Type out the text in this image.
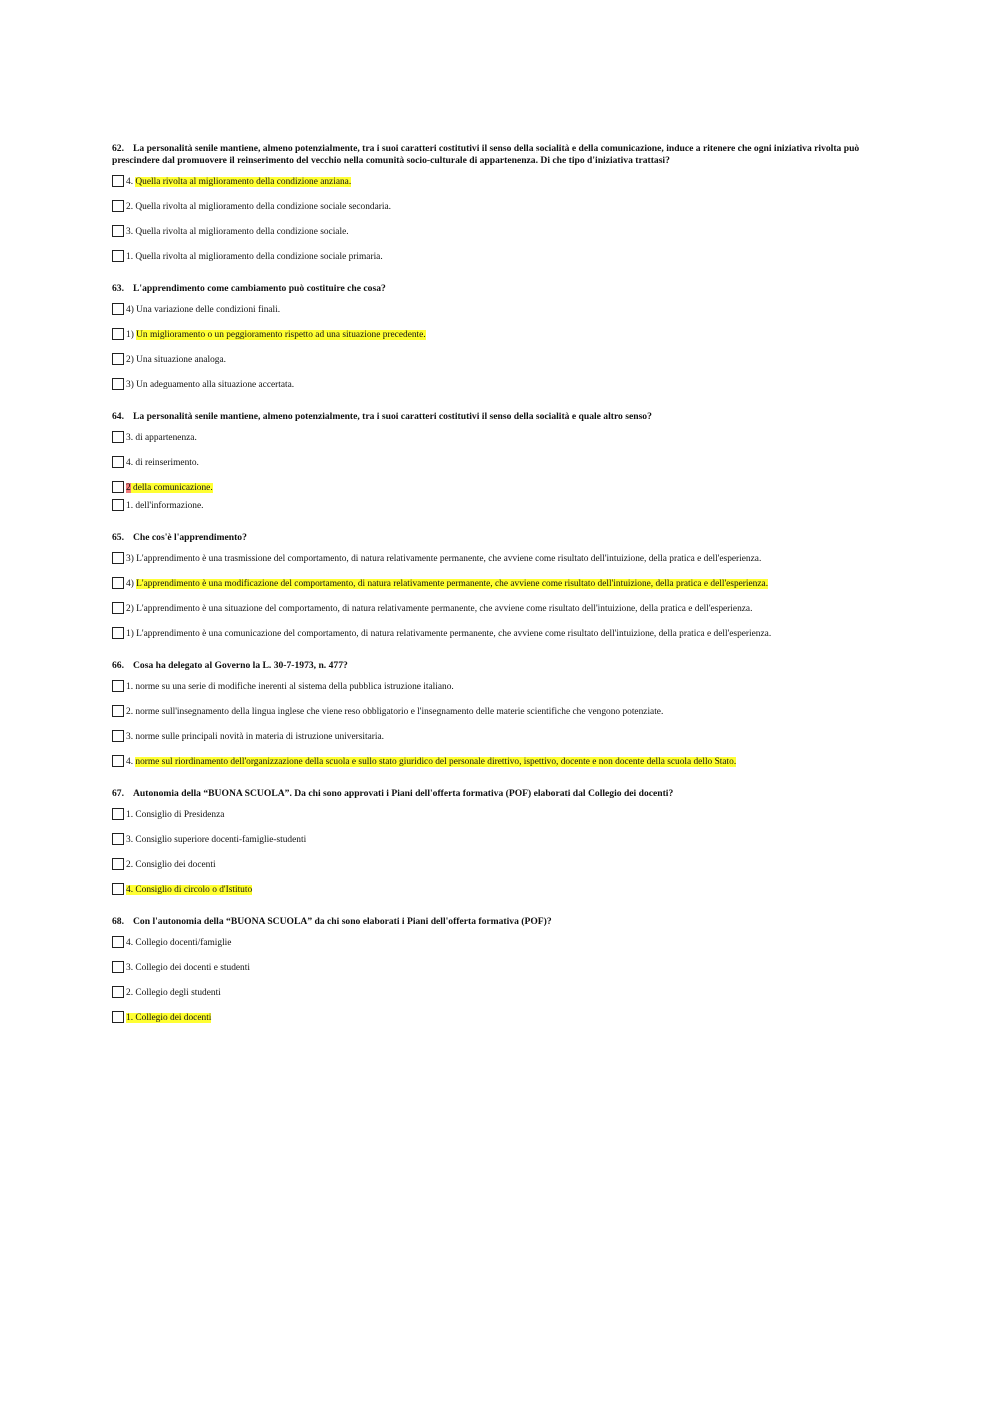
62. La personalità senile mantiene, almeno potenzialmente, tra i suoi caratteri costitutivi il senso della socialità e della comunicazione, induce a ritenere che ogni iniziativa rivolta può prescindere dal promuovere il reinserimento del vecchio nella comunità socio-culturale di appartenenza. Di che tipo d'iniziativa trattasi?
4. Quella rivolta al miglioramento della condizione anziana.
2. Quella rivolta al miglioramento della condizione sociale secondaria.
3. Quella rivolta al miglioramento della condizione sociale.
1. Quella rivolta al miglioramento della condizione sociale primaria.
63. L'apprendimento come cambiamento può costituire che cosa?
4) Una variazione delle condizioni finali.
1) Un miglioramento o un peggioramento rispetto ad una situazione precedente.
2) Una situazione analoga.
3) Un adeguamento alla situazione accertata.
64. La personalità senile mantiene, almeno potenzialmente, tra i suoi caratteri costitutivi il senso della socialità e quale altro senso?
3. di appartenenza.
4. di reinserimento.
2 della comunicazione.
1. dell'informazione.
65. Che cos'è l'apprendimento?
3) L'apprendimento è una trasmissione del comportamento, di natura relativamente permanente, che avviene come risultato dell'intuizione, della pratica e dell'esperienza.
4) L'apprendimento è una modificazione del comportamento, di natura relativamente permanente, che avviene come risultato dell'intuizione, della pratica e dell'esperienza.
2) L'apprendimento è una situazione del comportamento, di natura relativamente permanente, che avviene come risultato dell'intuizione, della pratica e dell'esperienza.
1) L'apprendimento è una comunicazione del comportamento, di natura relativamente permanente, che avviene come risultato dell'intuizione, della pratica e dell'esperienza.
66. Cosa ha delegato al Governo la L. 30-7-1973, n. 477?
1. norme su una serie di modifiche inerenti al sistema della pubblica istruzione italiano.
2. norme sull'insegnamento della lingua inglese che viene reso obbligatorio e l'insegnamento delle materie scientifiche che vengono potenziate.
3. norme sulle principali novità in materia di istruzione universitaria.
4. norme sul riordinamento dell'organizzazione della scuola e sullo stato giuridico del personale direttivo, ispettivo, docente e non docente della scuola dello Stato.
67. Autonomia della “BUONA SCUOLA”. Da chi sono approvati i Piani dell'offerta formativa (POF) elaborati dal Collegio dei docenti?
1. Consiglio di Presidenza
3. Consiglio superiore docenti-famiglie-studenti
2. Consiglio dei docenti
4. Consiglio di circolo o d'Istituto
68. Con l'autonomia della “BUONA SCUOLA” da chi sono elaborati i Piani dell'offerta formativa (POF)?
4. Collegio docenti/famiglie
3. Collegio dei docenti e studenti
2. Collegio degli studenti
1. Collegio dei docenti
